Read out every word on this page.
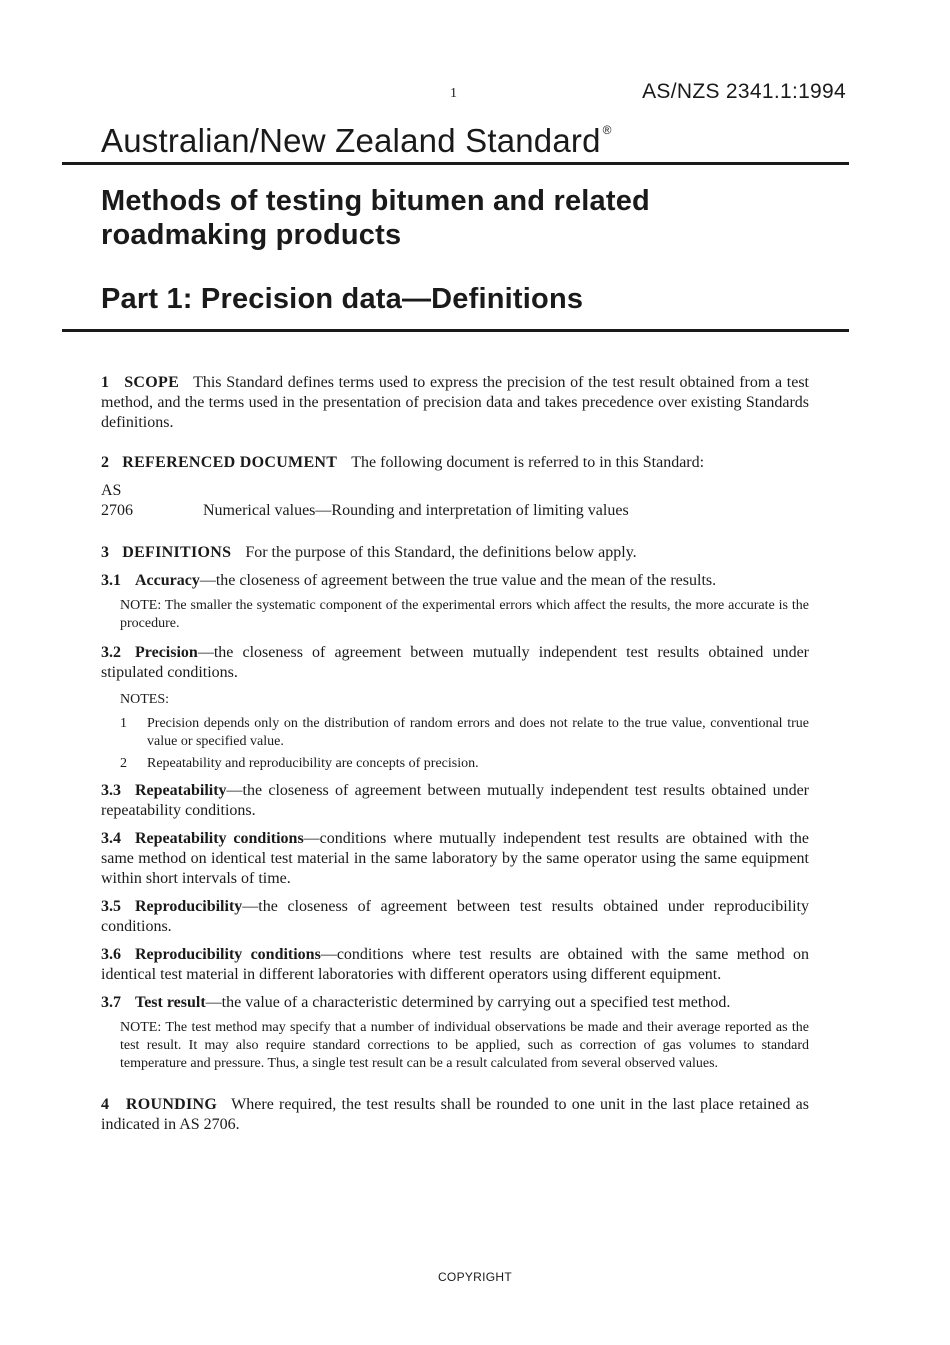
1	AS/NZS 2341.1:1994
Australian/New Zealand Standard ®
Methods of testing bitumen and related roadmaking products
Part 1: Precision data—Definitions

1 SCOPE This Standard defines terms used to express the precision of the test result obtained from a test method, and the terms used in the presentation of precision data and takes precedence over existing Standards definitions.

2 REFERENCED DOCUMENT The following document is referred to in this Standard:

AS
2706	Numerical values—Rounding and interpretation of limiting values

3 DEFINITIONS For the purpose of this Standard, the definitions below apply.

3.1 Accuracy—the closeness of agreement between the true value and the mean of the results.

NOTE: The smaller the systematic component of the experimental errors which affect the results, the more accurate is the procedure.

3.2 Precision—the closeness of agreement between mutually independent test results obtained under stipulated conditions.

NOTES:

1	Precision depends only on the distribution of random errors and does not relate to the true value, conventional true value or specified value.
2	Repeatability and reproducibility are concepts of precision.

3.3 Repeatability—the closeness of agreement between mutually independent test results obtained under repeatability conditions.

3.4 Repeatability conditions—conditions where mutually independent test results are obtained with the same method on identical test material in the same laboratory by the same operator using the same equipment within short intervals of time.

3.5 Reproducibility—the closeness of agreement between test results obtained under reproducibility conditions.

3.6 Reproducibility conditions—conditions where test results are obtained with the same method on identical test material in different laboratories with different operators using different equipment.

3.7 Test result—the value of a characteristic determined by carrying out a specified test method.

NOTE: The test method may specify that a number of individual observations be made and their average reported as the test result. It may also require standard corrections to be applied, such as correction of gas volumes to standard temperature and pressure. Thus, a single test result can be a result calculated from several observed values.

4 ROUNDING Where required, the test results shall be rounded to one unit in the last place retained as indicated in AS 2706.

COPYRIGHT
